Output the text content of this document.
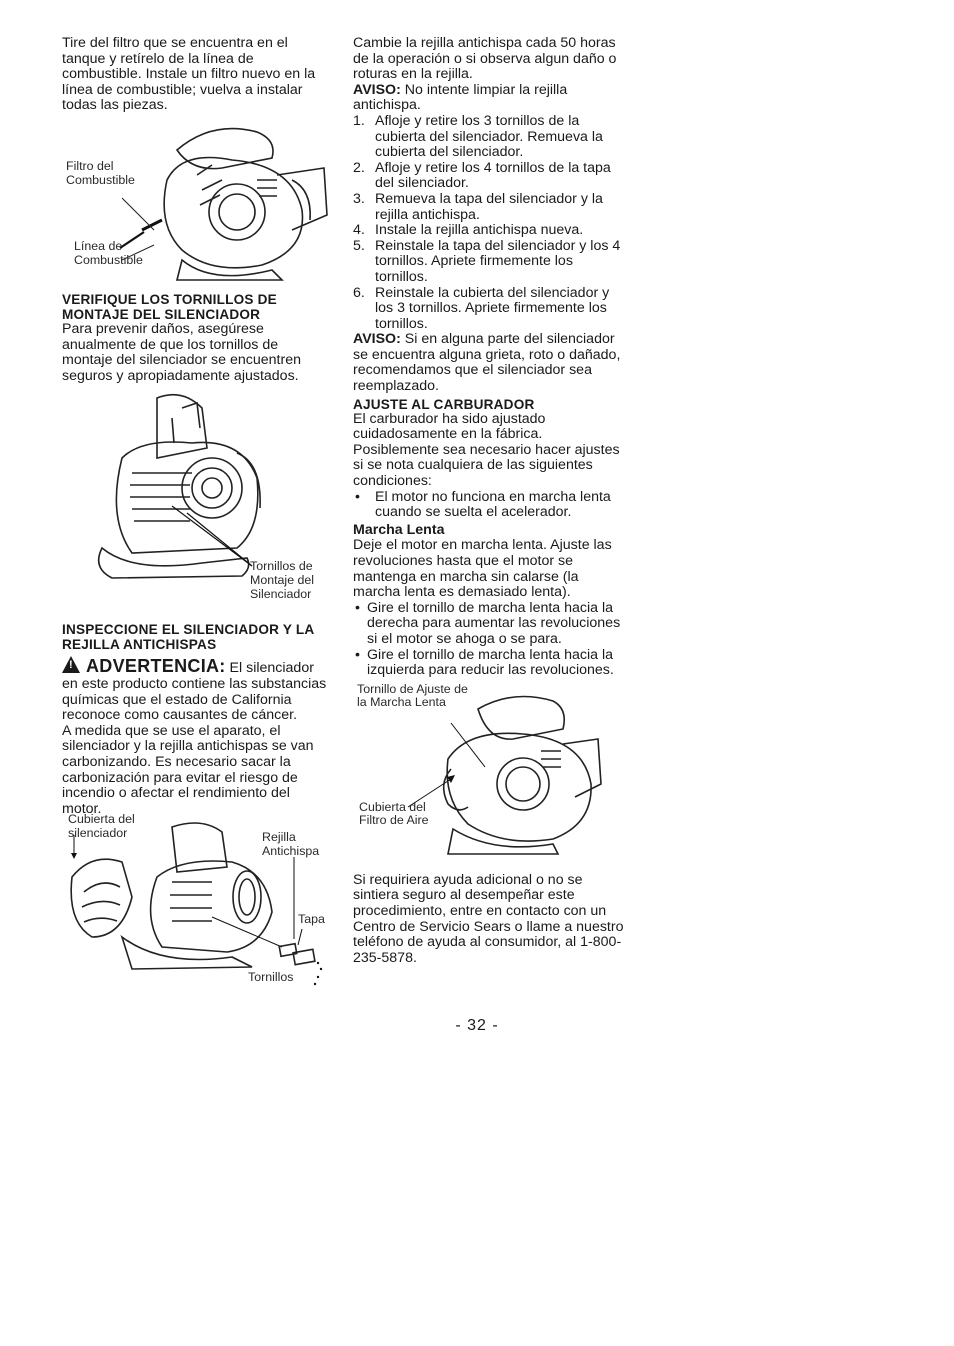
Tire del filtro que se encuentra en el tanque y retírelo de la línea de combustible. Instale un filtro nuevo en la línea de combustible; vuelva a instalar todas las piezas.

Filtro del
Combustible
Línea de
Combustible

VERIFIQUE LOS TORNILLOS DE MONTAJE DEL SILENCIADOR

Para prevenir daños, asegúrese anualmente de que los tornillos de montaje del silenciador se encuentren seguros y apropiadamente ajustados.

Tornillos de
Montaje del
Silenciador

INSPECCIONE EL SILENCIADOR Y LA REJILLA ANTICHISPAS

!ADVERTENCIA: El silenciador en este producto contiene las substancias químicas que el estado de California reconoce como causantes de cáncer.

A medida que se use el aparato, el silenciador y la rejilla antichispas se van carbonizando. Es necesario sacar la carbonización para evitar el riesgo de incendio o afectar el rendimiento del motor.

Cubierta del
silenciador	Rejilla
Antichispa
Tapa
Tornillos

Cambie la rejilla antichispa cada 50 horas de la operación o si observa algun daño o roturas en la rejilla.

AVISO: No intente limpiar la rejilla antichispa.

1. Afloje y retire los 3 tornillos de la cubierta del silenciador. Remueva la cubierta del silenciador.
2. Afloje y retire los 4 tornillos de la tapa del silenciador.
3. Remueva la tapa del silenciador y la rejilla antichispa.
4. Instale la rejilla antichispa nueva.
5. Reinstale la tapa del silenciador y los 4 tornillos. Apriete firmemente los tornillos.
6. Reinstale la cubierta del silenciador y los 3 tornillos. Apriete firmemente los tornillos.

AVISO: Si en alguna parte del silenciador se encuentra alguna grieta, roto o dañado, recomendamos que el silenciador sea reemplazado.

AJUSTE AL CARBURADOR

El carburador ha sido ajustado cuidadosamente en la fábrica. Posiblemente sea necesario hacer ajustes si se nota cualquiera de las siguientes condiciones:

• El motor no funciona en marcha lenta cuando se suelta el acelerador.

Marcha Lenta

Deje el motor en marcha lenta. Ajuste las revoluciones hasta que el motor se mantenga en marcha sin calarse (la marcha lenta es demasiado lenta).

• Gire el tornillo de marcha lenta hacia la derecha para aumentar las revoluciones si el motor se ahoga o se para.
• Gire el tornillo de marcha lenta hacia la izquierda para reducir las revoluciones.
Tornillo de Ajuste de
la Marcha Lenta
Cubierta del
Filtro de Aire

Si requiriera ayuda adicional o no se sintiera seguro al desempeñar este procedimiento, entre en contacto con un Centro de Servicio Sears o llame a nuestro teléfono de ayuda al consumidor, al 1-800-235-5878.

- 32 -
